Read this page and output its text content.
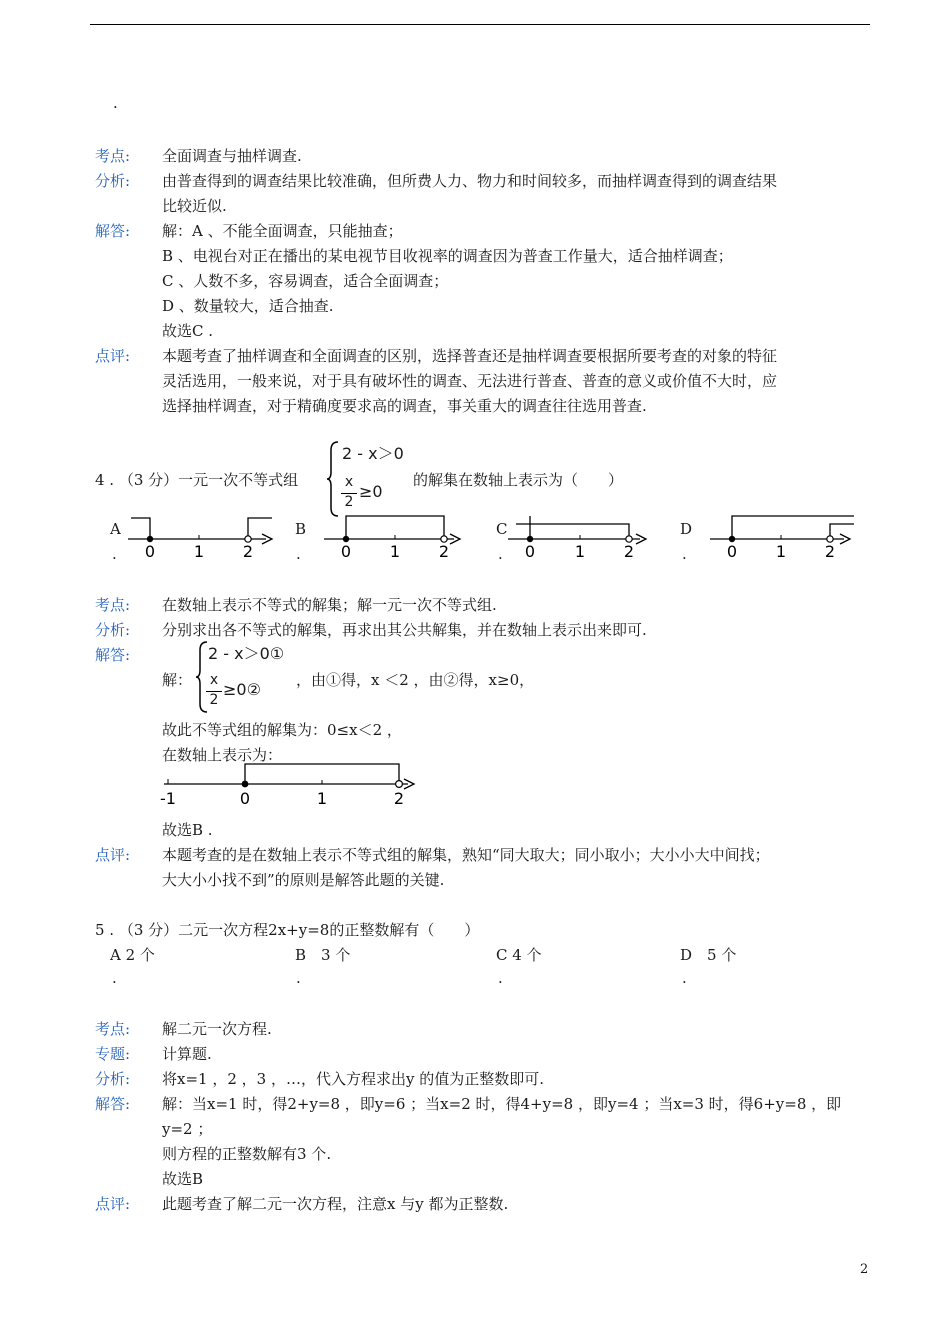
.
考点: 全面调查与抽样调查.
分析: 由普查得到的调查结果比较准确，但所费人力、物力和时间较多，而抽样调查得到的调查结果
比较近似.
解答: 解：A 、不能全面调查，只能抽查；
B 、电视台对正在播出的某电视节目收视率的调查因为普查工作量大，适合抽样调查；
C 、人数不多，容易调查，适合全面调查；
D 、数量较大，适合抽查.
故选C .
点评: 本题考查了抽样调查和全面调查的区别，选择普查还是抽样调查要根据所要考查的对象的特征
灵活选用，一般来说，对于具有破坏性的调查、无法进行普查、普查的意义或价值不大时，应
选择抽样调查，对于精确度要求高的调查，事关重大的调查往往选用普查.
4 . （3 分）一元一次不等式组
2 - x＞0
x
2
≥0
的解集在数轴上表示为（　　）
A
. 0 1 2
B
.	0 1 2
C
. 0 1 2
D
.	0 1 2
考点: 在数轴上表示不等式的解集；解一元一次不等式组.
分析: 分别求出各不等式的解集，再求出其公共解集，并在数轴上表示出来即可.
解答:
解：
2 - x＞0①
x
2
≥0② ，由①得，x ＜2 ，由②得，x≥0，
故此不等式组的解集为：0≤x＜2 ，
在数轴上表示为：
-1	0	1	2
故选B .
点评: 本题考查的是在数轴上表示不等式组的解集，熟知“同大取大；同小取小；大小小大中间找；
大大小小找不到”的原则是解答此题的关键.
5 . （3 分）二元一次方程2x+y=8的正整数解有（　　）
A 2 个
.
B　3 个
.
C 4 个
.
D　5 个
.
考点: 解二元一次方程.
专题: 计算题.
分析: 将x=1 ，2 ，3 ，…，代入方程求出y 的值为正整数即可.
解答: 解：当x=1 时，得2+y=8 ，即y=6 ；当x=2 时，得4+y=8 ，即y=4 ；当x=3 时，得6+y=8 ，即
y=2 ；
则方程的正整数解有3 个.
故选B
点评: 此题考查了解二元一次方程，注意x 与y 都为正整数.
2
